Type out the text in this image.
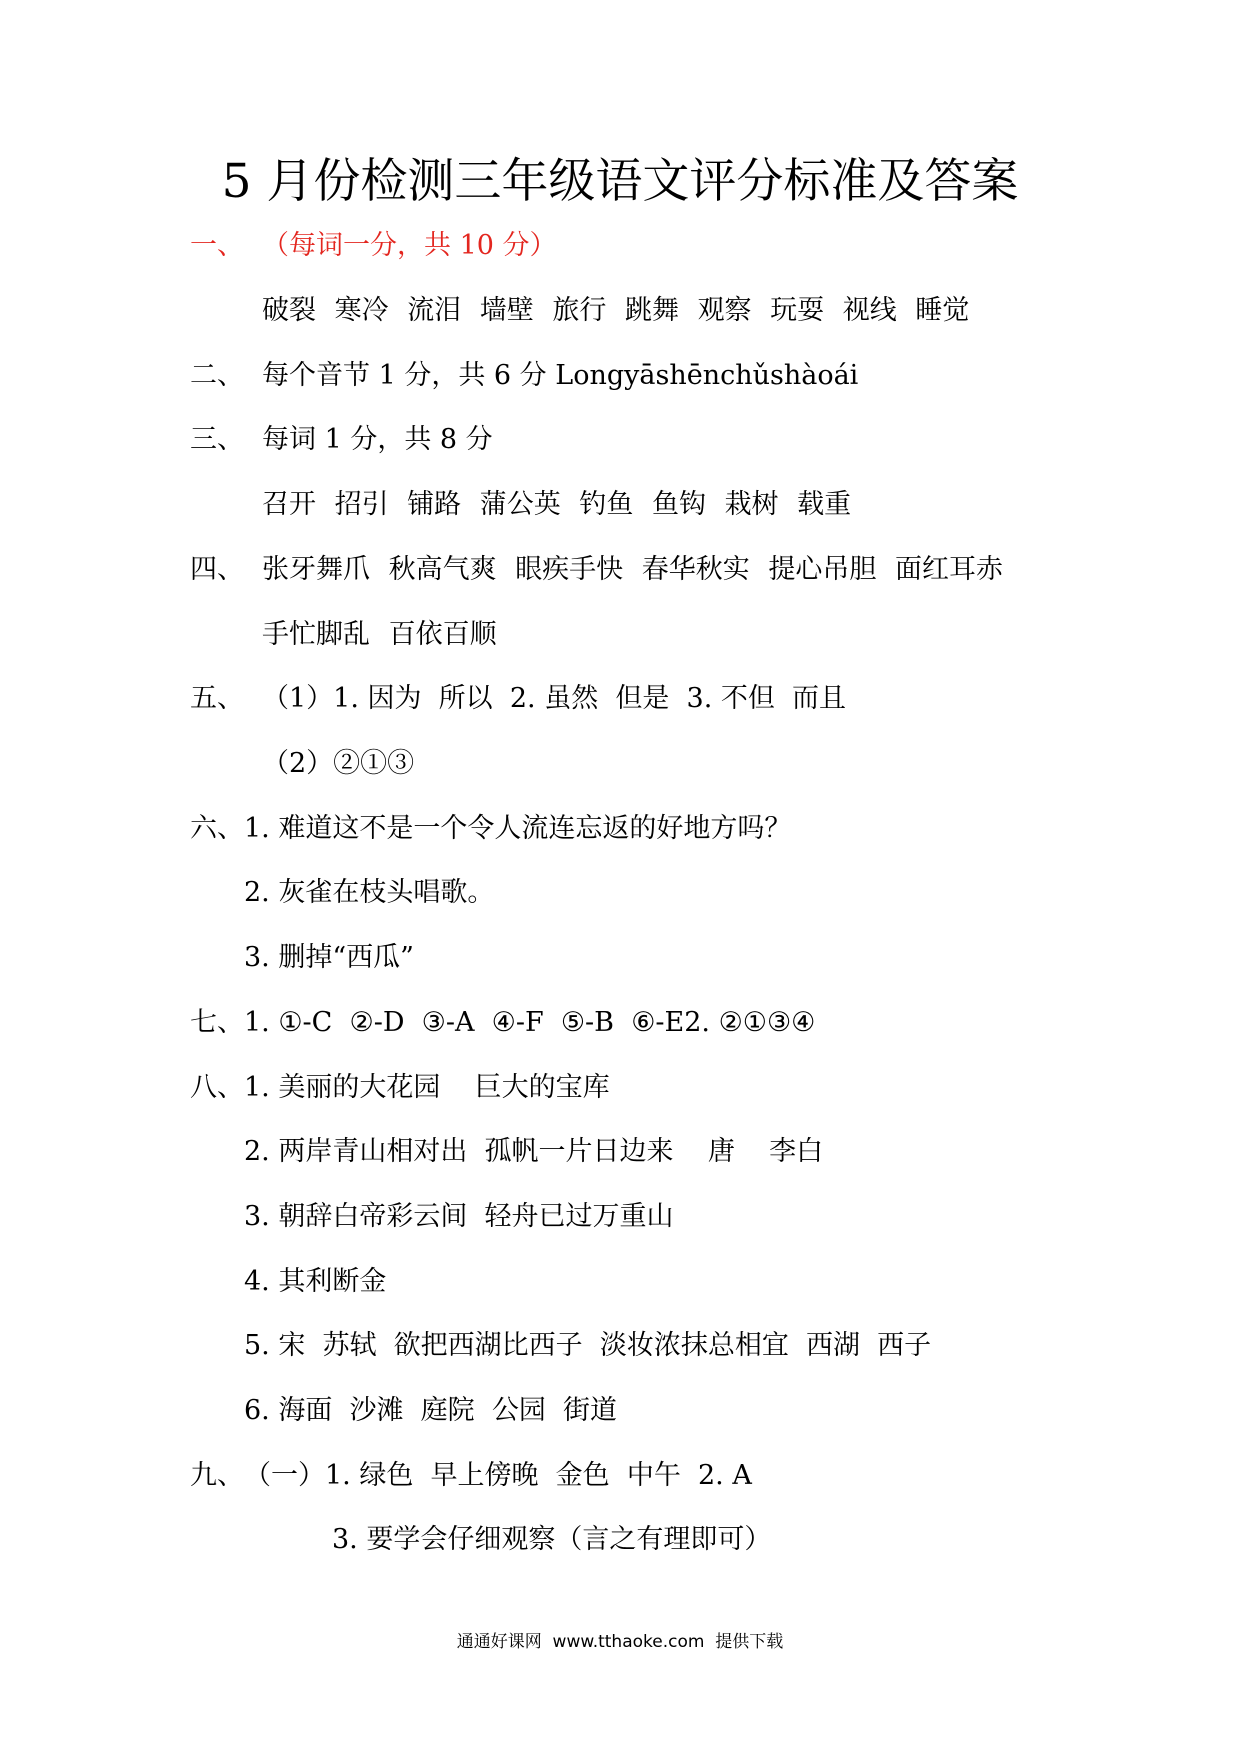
5 月份检测三年级语文评分标准及答案
一、 （每词一分，共 10 分）
破裂 寒冷 流泪 墙壁 旅行 跳舞 观察 玩耍 视线 睡觉
二、 每个音节 1 分，共 6 分 Longyāshēnchǔshàoái
三、 每词 1 分，共 8 分
召开 招引 铺路 蒲公英 钓鱼 鱼钩 栽树 载重
四、 张牙舞爪 秋高气爽 眼疾手快 春华秋实 提心吊胆 面红耳赤
手忙脚乱 百依百顺
五、 （1）1. 因为  所以  2. 虽然  但是  3. 不但  而且
（2）②①③
六、 1. 难道这不是一个令人流连忘返的好地方吗？
2. 灰雀在枝头唱歌。
3. 删掉“西瓜”
七、 1. ①-C  ②-D  ③-A  ④-F  ⑤-B  ⑥-E2. ②①③④
八、 1. 美丽的大花园    巨大的宝库
2. 两岸青山相对出  孤帆一片日边来    唐    李白
3. 朝辞白帝彩云间  轻舟已过万重山
4. 其利断金
5. 宋  苏轼  欲把西湖比西子  淡妆浓抹总相宜  西湖  西子
6. 海面  沙滩  庭院  公园  街道
九、 （一）1. 绿色  早上傍晚  金色  中午  2. A
3. 要学会仔细观察（言之有理即可）
通通好课网  www.tthaoke.com  提供下载
